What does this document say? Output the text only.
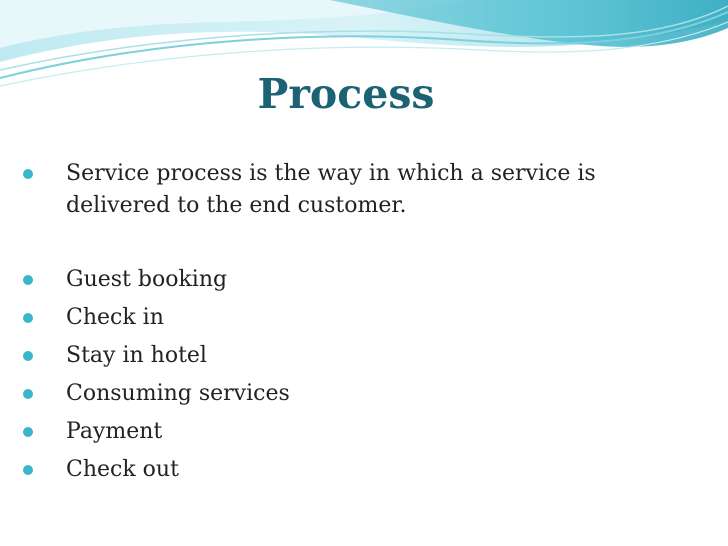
Process
Service process is the way in which a service is delivered to the end customer.
Guest booking
Check in
Stay in hotel
Consuming services
Payment
Check out
